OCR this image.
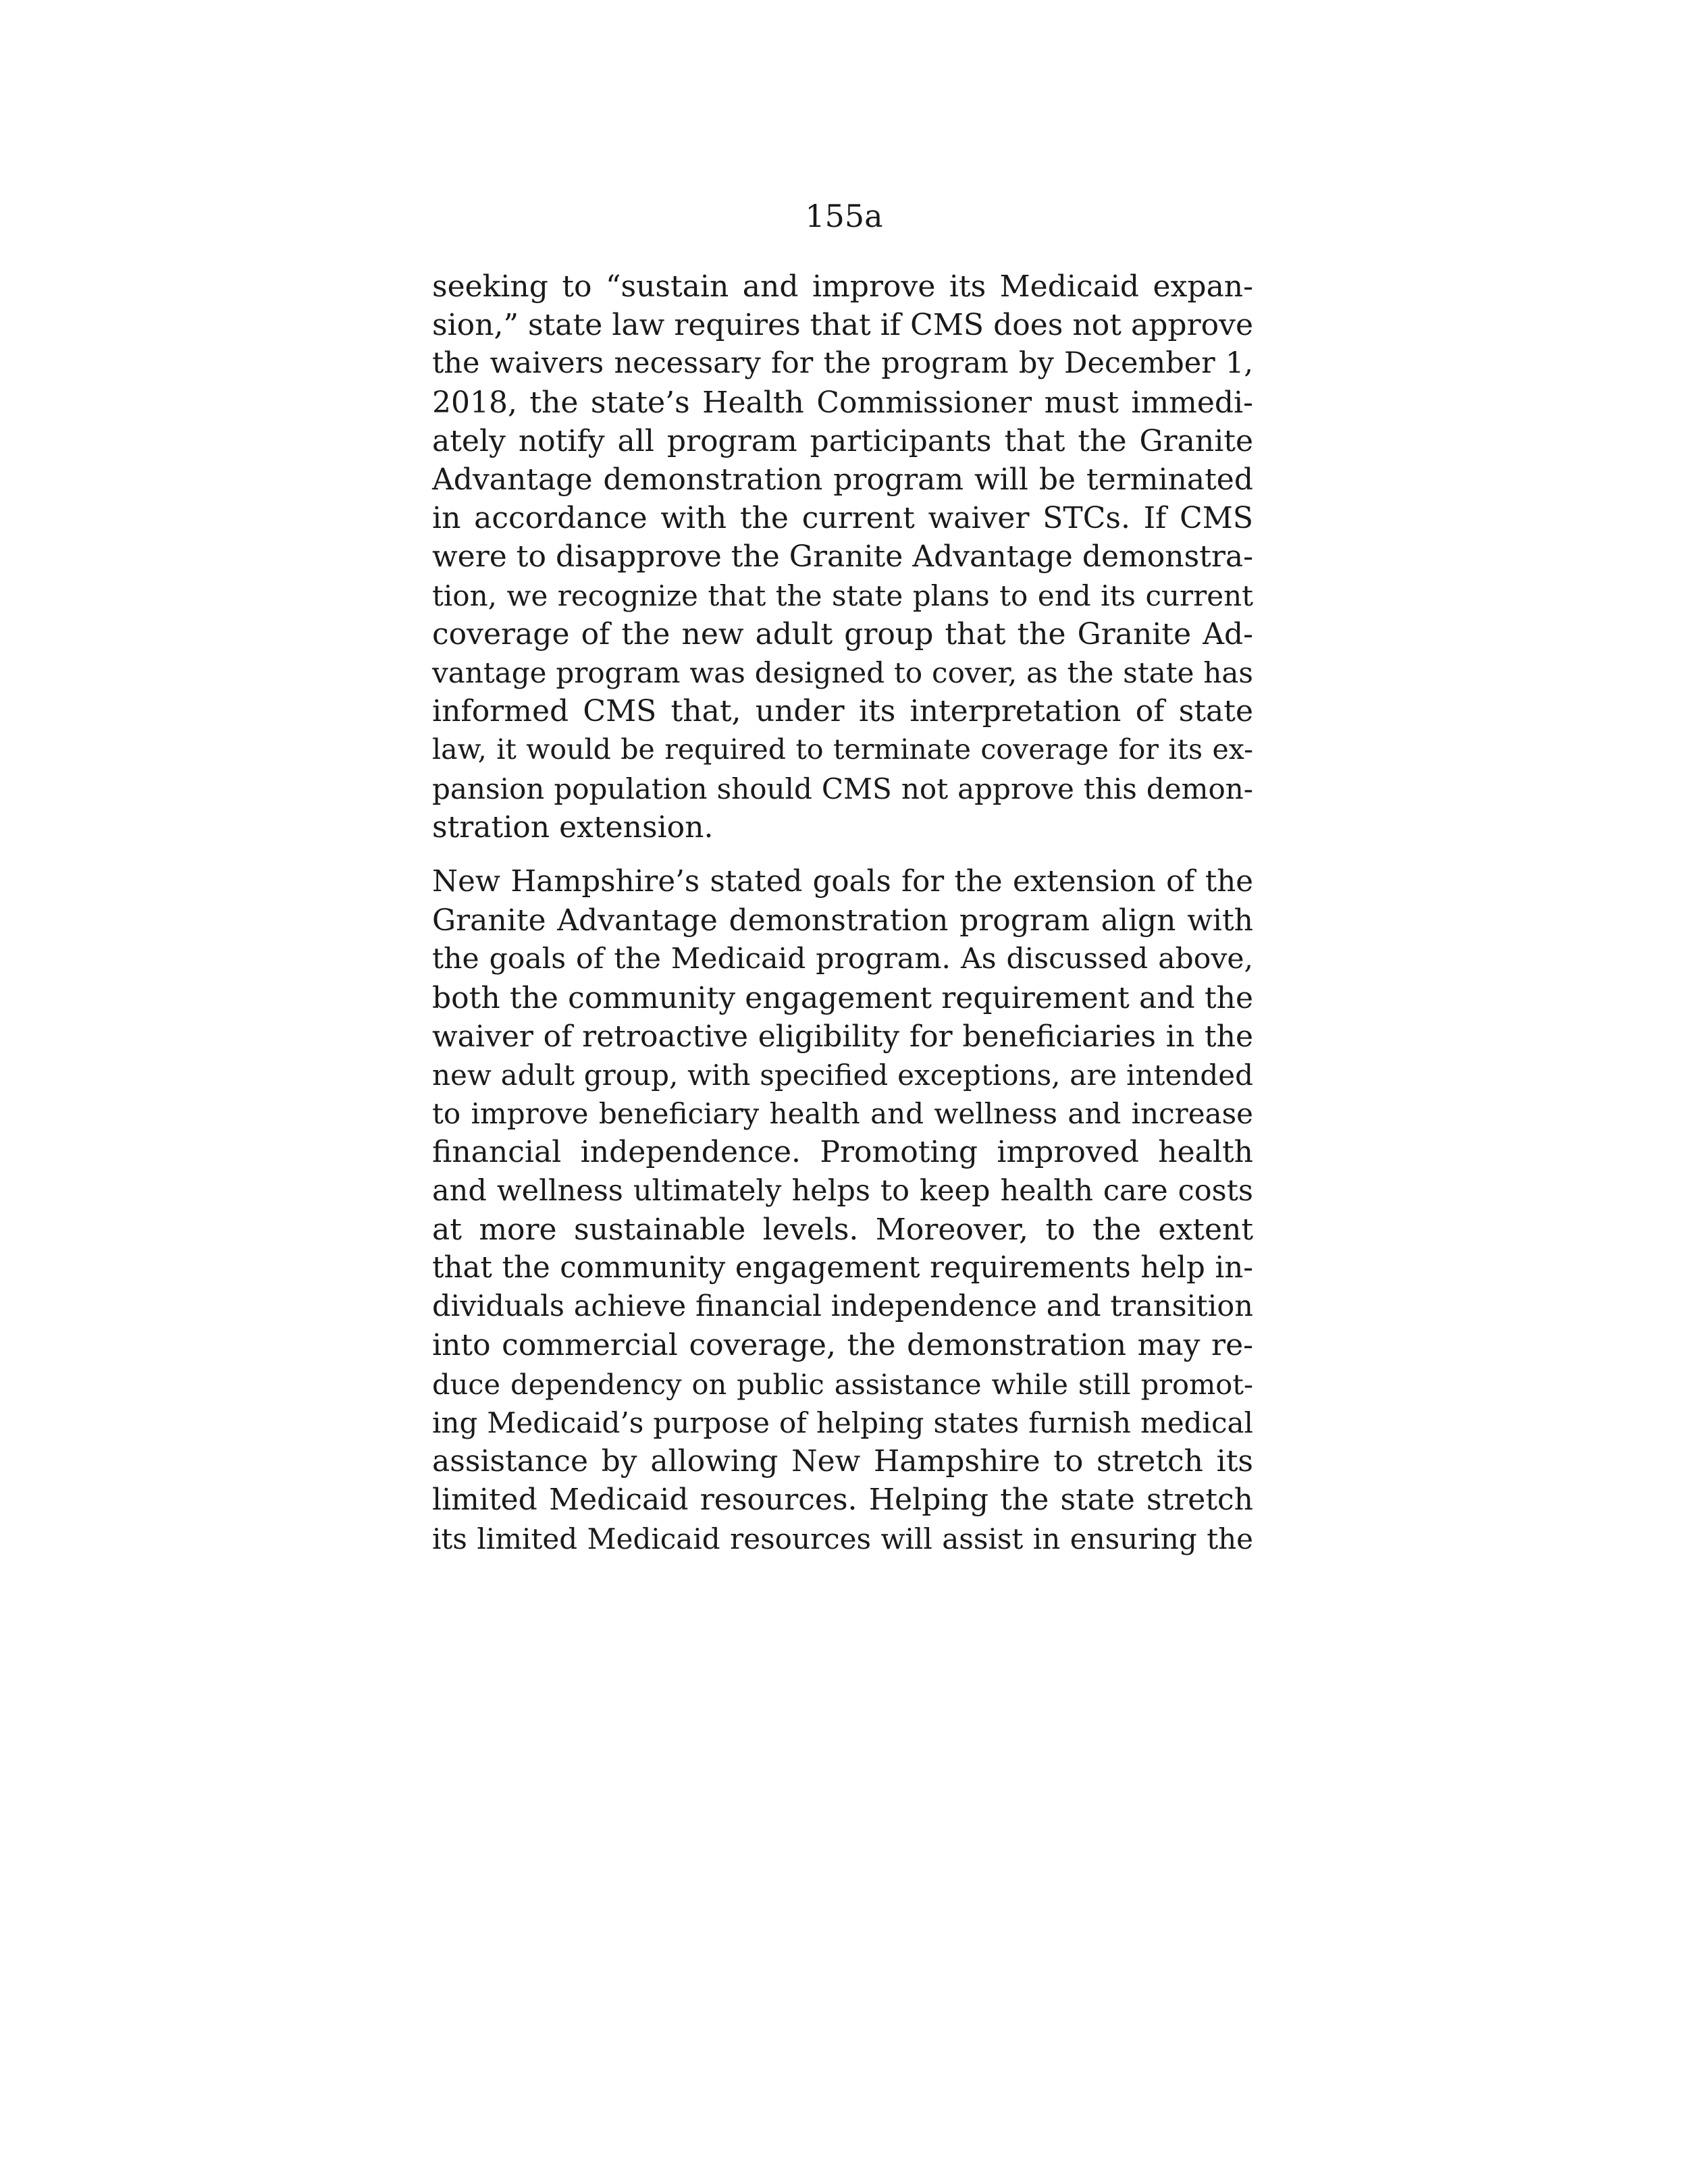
155a
seeking to “sustain and improve its Medicaid expan-
sion,” state law requires that if CMS does not approve
the waivers necessary for the program by December 1,
2018, the state’s Health Commissioner must immedi-
ately notify all program participants that the Granite
Advantage demonstration program will be terminated
in accordance with the current waiver STCs. If CMS
were to disapprove the Granite Advantage demonstra-
tion, we recognize that the state plans to end its current
coverage of the new adult group that the Granite Ad-
vantage program was designed to cover, as the state has
informed CMS that, under its interpretation of state
law, it would be required to terminate coverage for its ex-
pansion population should CMS not approve this demon-
stration extension.
New Hampshire’s stated goals for the extension of the
Granite Advantage demonstration program align with
the goals of the Medicaid program. As discussed above,
both the community engagement requirement and the
waiver of retroactive eligibility for beneficiaries in the
new adult group, with specified exceptions, are intended
to improve beneficiary health and wellness and increase
financial independence. Promoting improved health
and wellness ultimately helps to keep health care costs
at more sustainable levels. Moreover, to the extent
that the community engagement requirements help in-
dividuals achieve financial independence and transition
into commercial coverage, the demonstration may re-
duce dependency on public assistance while still promot-
ing Medicaid’s purpose of helping states furnish medical
assistance by allowing New Hampshire to stretch its
limited Medicaid resources. Helping the state stretch
its limited Medicaid resources will assist in ensuring the
